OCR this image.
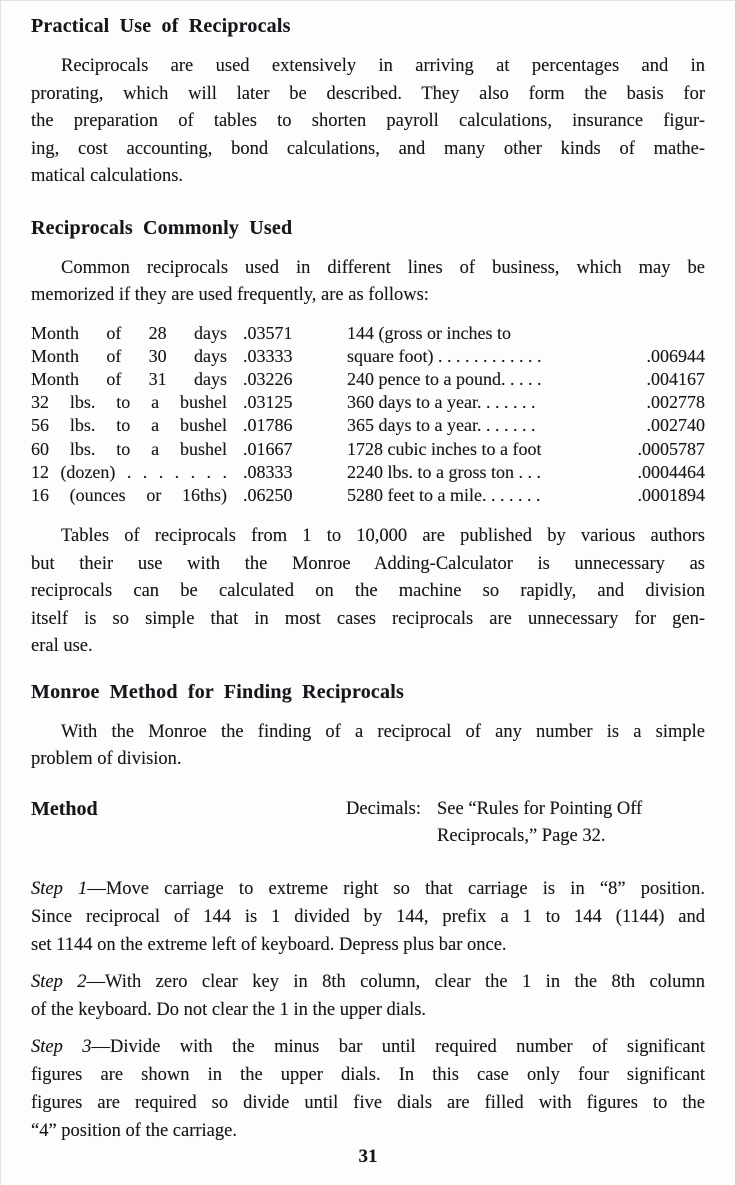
Practical Use of Reciprocals
Reciprocals are used extensively in arriving at percentages and in
prorating, which will later be described. They also form the basis for
the preparation of tables to shorten payroll calculations, insurance figur-
ing, cost accounting, bond calculations, and many other kinds of mathe-
matical calculations.
Reciprocals Commonly Used
Common reciprocals used in different lines of business, which may be
memorized if they are used frequently, are as follows:
Month of 28 days .03571
Month of 30 days .03333
Month of 31 days .03226
32 lbs. to a bushel .03125
56 lbs. to a bushel .01786
60 lbs. to a bushel .01667
12 (dozen) . . . . . . . .08333
16 (ounces or 16ths) .06250
144 (gross or inches to
square foot) . . . . . . . . . . . .	.006944
240 pence to a pound. . . . .	.004167
360 days to a year. . . . . . .	.002778
365 days to a year. . . . . . .	.002740
1728 cubic inches to a foot	.0005787
2240 lbs. to a gross ton . . .	.0004464
5280 feet to a mile. . . . . . .	.0001894
Tables of reciprocals from 1 to 10,000 are published by various authors
but their use with the Monroe Adding-Calculator is unnecessary as
reciprocals can be calculated on the machine so rapidly, and division
itself is so simple that in most cases reciprocals are unnecessary for gen-
eral use.
Monroe Method for Finding Reciprocals
With the Monroe the finding of a reciprocal of any number is a simple
problem of division.
Method	Decimals: See “Rules for Pointing Off
Reciprocals,” Page 32.
Step 1—Move carriage to extreme right so that carriage is in “8” position.
Since reciprocal of 144 is 1 divided by 144, prefix a 1 to 144 (1144) and
set 1144 on the extreme left of keyboard. Depress plus bar once.
Step 2—With zero clear key in 8th column, clear the 1 in the 8th column
of the keyboard. Do not clear the 1 in the upper dials.
Step 3—Divide with the minus bar until required number of significant
figures are shown in the upper dials. In this case only four significant
figures are required so divide until five dials are filled with figures to the
“4” position of the carriage.
31
